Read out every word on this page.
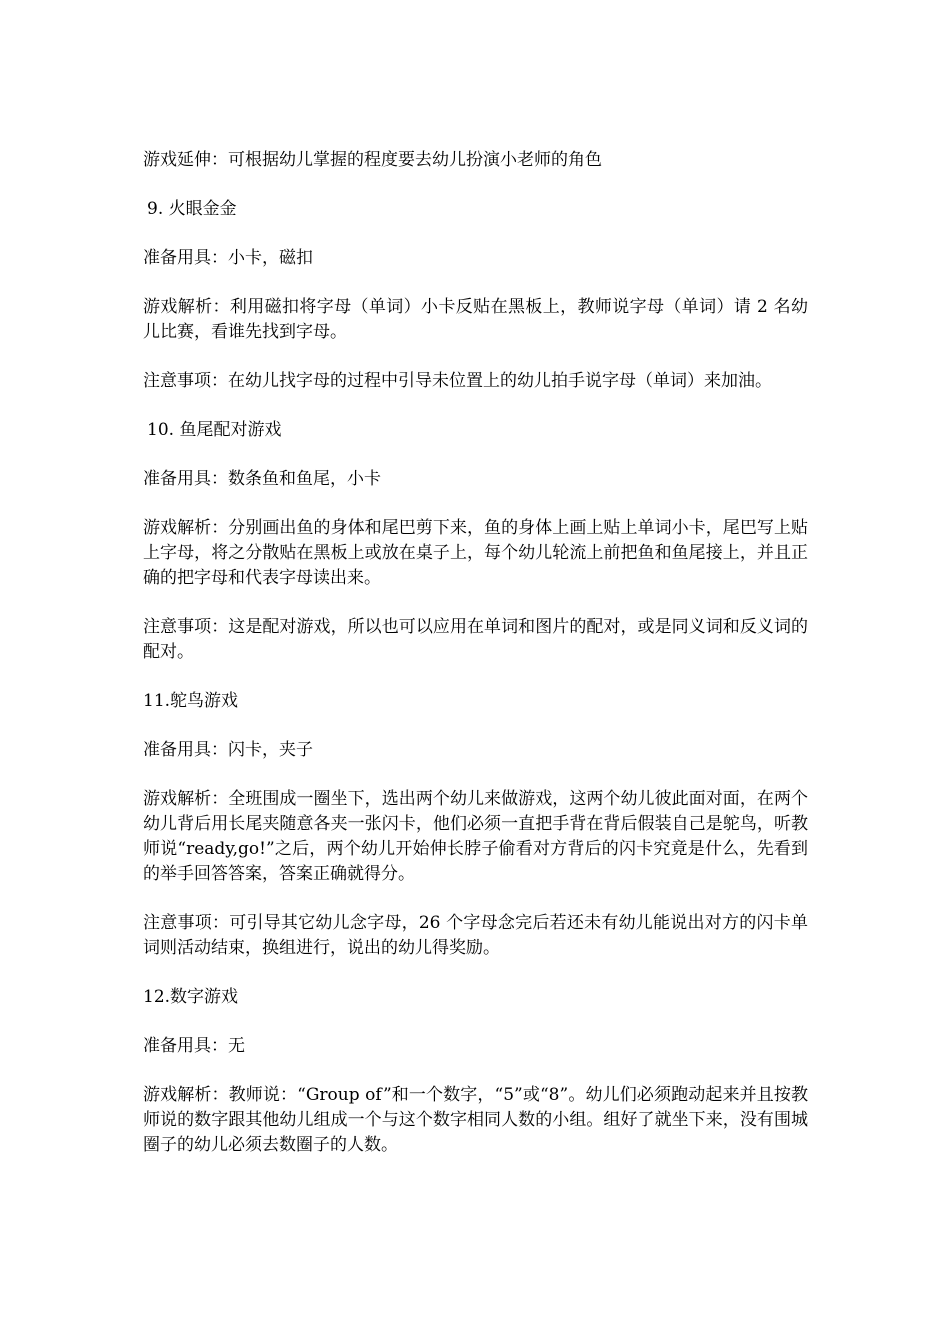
游戏延伸：可根据幼儿掌握的程度要去幼儿扮演小老师的角色

9. 火眼金金

准备用具：小卡，磁扣

游戏解析：利用磁扣将字母（单词）小卡反贴在黑板上，教师说字母（单词）请 2 名幼儿比赛，看谁先找到字母。

注意事项：在幼儿找字母的过程中引导未位置上的幼儿拍手说字母（单词）来加油。

10. 鱼尾配对游戏

准备用具：数条鱼和鱼尾，小卡

游戏解析：分别画出鱼的身体和尾巴剪下来，鱼的身体上画上贴上单词小卡，尾巴写上贴上字母，将之分散贴在黑板上或放在桌子上，每个幼儿轮流上前把鱼和鱼尾接上，并且正确的把字母和代表字母读出来。

注意事项：这是配对游戏，所以也可以应用在单词和图片的配对，或是同义词和反义词的配对。

11.鸵鸟游戏

准备用具：闪卡，夹子

游戏解析：全班围成一圈坐下，选出两个幼儿来做游戏，这两个幼儿彼此面对面，在两个幼儿背后用长尾夹随意各夹一张闪卡，他们必须一直把手背在背后假装自己是鸵鸟，听教师说“ready,go!”之后，两个幼儿开始伸长脖子偷看对方背后的闪卡究竟是什么，先看到的举手回答答案，答案正确就得分。

注意事项：可引导其它幼儿念字母，26 个字母念完后若还未有幼儿能说出对方的闪卡单词则活动结束，换组进行，说出的幼儿得奖励。

12.数字游戏

准备用具：无

游戏解析：教师说：“Group of”和一个数字，“5”或“8”。幼儿们必须跑动起来并且按教师说的数字跟其他幼儿组成一个与这个数字相同人数的小组。组好了就坐下来，没有围城圈子的幼儿必须去数圈子的人数。
